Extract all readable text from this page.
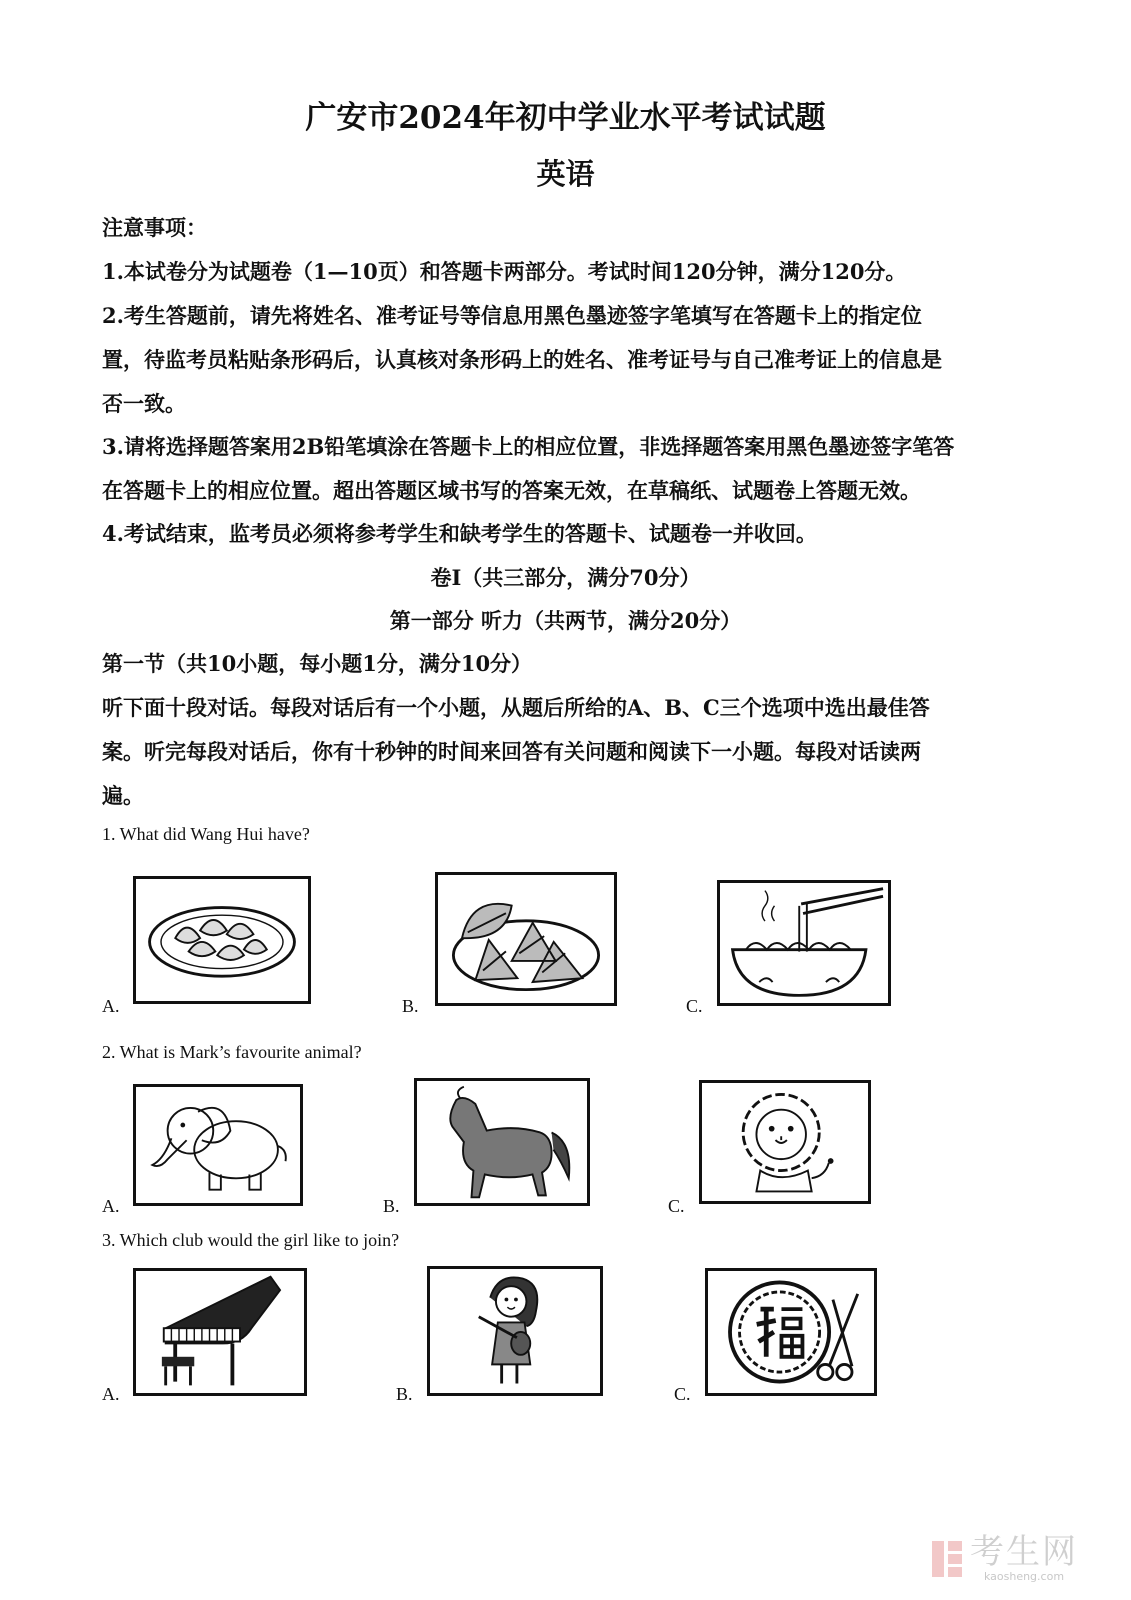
广安市2024年初中学业水平考试试题
英语
注意事项：
1.本试卷分为试题卷（1—10页）和答题卡两部分。考试时间120分钟，满分120分。
2.考生答题前，请先将姓名、准考证号等信息用黑色墨迹签字笔填写在答题卡上的指定位
置，待监考员粘贴条形码后，认真核对条形码上的姓名、准考证号与自己准考证上的信息是
否一致。
3.请将选择题答案用2B铅笔填涂在答题卡上的相应位置，非选择题答案用黑色墨迹签字笔答
在答题卡上的相应位置。超出答题区域书写的答案无效，在草稿纸、试题卷上答题无效。
4.考试结束，监考员必须将参考学生和缺考学生的答题卡、试题卷一并收回。
卷Ⅰ（共三部分，满分70分）
第一部分 听力（共两节，满分20分）
第一节（共10小题，每小题1分，满分10分）
听下面十段对话。每段对话后有一个小题，从题后所给的A、B、C三个选项中选出最佳答
案。听完每段对话后，你有十秒钟的时间来回答有关问题和阅读下一小题。每段对话读两
遍。
1. What did Wang Hui have?
A.	B.	C.
2. What is Mark’s favourite animal?
A.	B.	C.
3. Which club would the girl like to join?
A.	B.	C.
考生网
kaosheng.com
